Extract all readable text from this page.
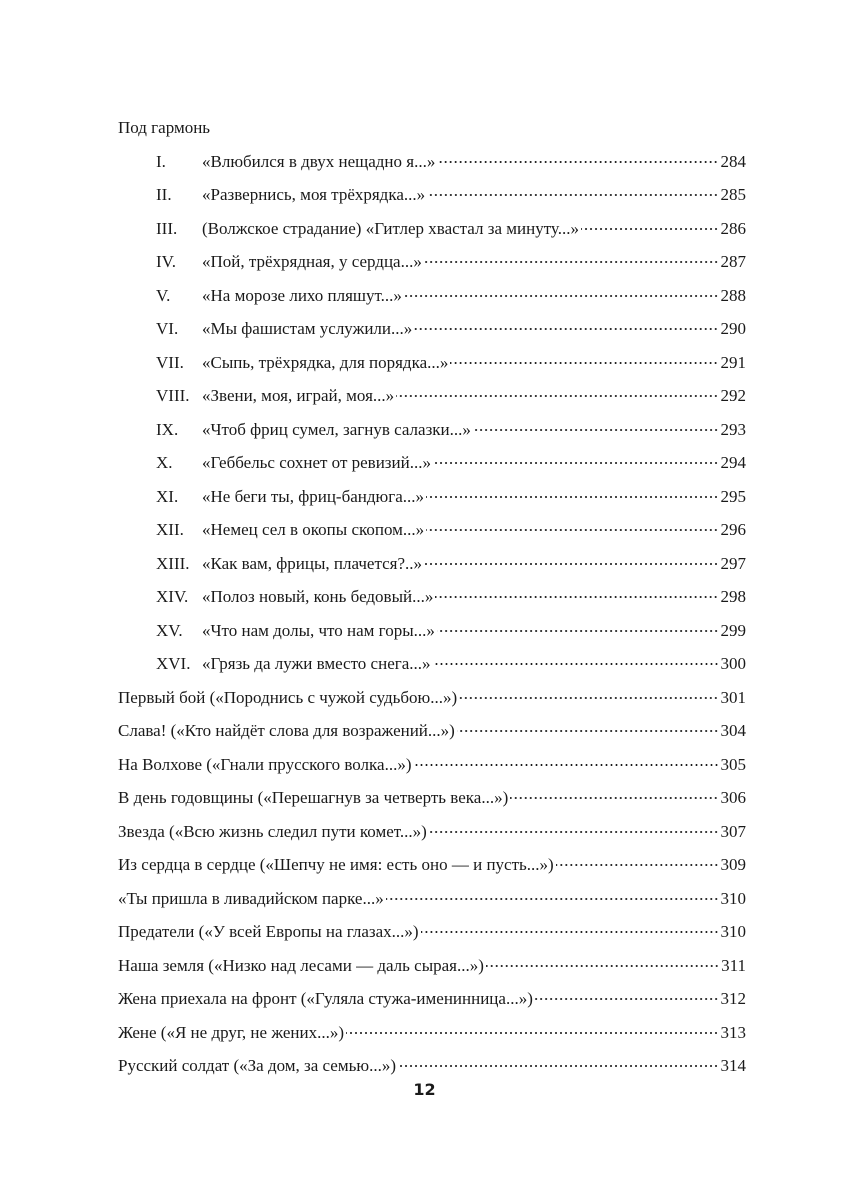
Под гармонь
I.	«Влюбился в двух нещадно я...»	284
II.	«Развернись, моя трёхрядка...»	285
III.	(Волжское страдание) «Гитлер хвастал за минуту...»	286
IV.	«Пой, трёхрядная, у сердца...»	287
V.	«На морозе лихо пляшут...»	288
VI.	«Мы фашистам услужили...»	290
VII.	«Сыпь, трёхрядка, для порядка...»	291
VIII. «Звени, моя, играй, моя...»	292
IX.	«Чтоб фриц сумел, загнув салазки...»	293
X.	«Геббельс сохнет от ревизий...»	294
XI.	«Не беги ты, фриц-бандюга...»	295
XII.	«Немец сел в окопы скопом...»	296
XIII. «Как вам, фрицы, плачется?..»	297
XIV. «Полоз новый, конь бедовый...»	298
XV.	«Что нам долы, что нам горы...»	299
XVI. «Грязь да лужи вместо снега...»	300
Первый бой («Породнись с чужой судьбою...»)	301
Слава! («Кто найдёт слова для возражений...»)	304
На Волхове («Гнали прусского волка...»)	305
В день годовщины («Перешагнув за четверть века...»)	306
Звезда («Всю жизнь следил пути комет...»)	307
Из сердца в сердце («Шепчу не имя: есть оно — и пусть...»)	309
«Ты пришла в ливадийском парке...»	310
Предатели («У всей Европы на глазах...»)	310
Наша земля («Низко над лесами — даль сырая...»)	311
Жена приехала на фронт («Гуляла стужа-именинница...»)	312
Жене («Я не друг, не жених...»)	313
Русский солдат («За дом, за семью...»)	314
12
